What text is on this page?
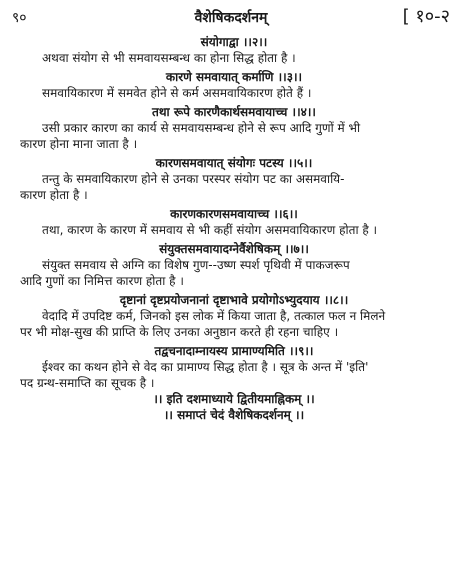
९०	वैशेषिकदर्शनम्	[ १०-२
संयोगाद्वा ।।२।।
अथवा संयोग से भी समवायसम्बन्ध का होना सिद्ध होता है ।
कारणे समवायात् कर्माणि ।।३।।
समवायिकारण में समवेत होने से कर्म असमवायिकारण होते हैं ।
तथा रूपे कारणैकार्थसमवायाच्च ।।४।।
उसी प्रकार कारण का कार्य से समवायसम्बन्ध होने से रूप आदि गुणों में भी
कारण होना माना जाता है ।
कारणसमवायात् संयोगः पटस्य ।।५।।
तन्तु के समवायिकारण होने से उनका परस्पर संयोग पट का असमवायि-
कारण होता है ।
कारणकारणसमवायाच्च ।।६।।
तथा, कारण के कारण में समवाय से भी कहीं संयोग असमवायिकारण होता है ।
संयुक्तसमवायादग्नेर्वैशेषिकम् ।।७।।
संयुक्त समवाय से अग्नि का विशेष गुण--उष्ण स्पर्श पृथिवी में पाकजरूप
आदि गुणों का निमित्त कारण होता है ।
दृष्टानां दृष्टप्रयोजनानां दृष्टाभावे प्रयोगोऽभ्युदयाय ।।८।।
वेदादि में उपदिष्ट कर्म, जिनको इस लोक में किया जाता है, तत्काल फल न मिलने
पर भी मोक्ष-सुख की प्राप्ति के लिए उनका अनुष्ठान करते ही रहना चाहिए ।
तद्वचनादाम्नायस्य प्रामाण्यमिति ।।९।।
ईश्वर का कथन होने से वेद का प्रामाण्य सिद्ध होता है । सूत्र के अन्त में 'इति'
पद ग्रन्थ-समाप्ति का सूचक है ।
।। इति दशमाध्याये द्वितीयमाह्निकम् ।।
।। समाप्तं चेदं वैशेषिकदर्शनम् ।।
